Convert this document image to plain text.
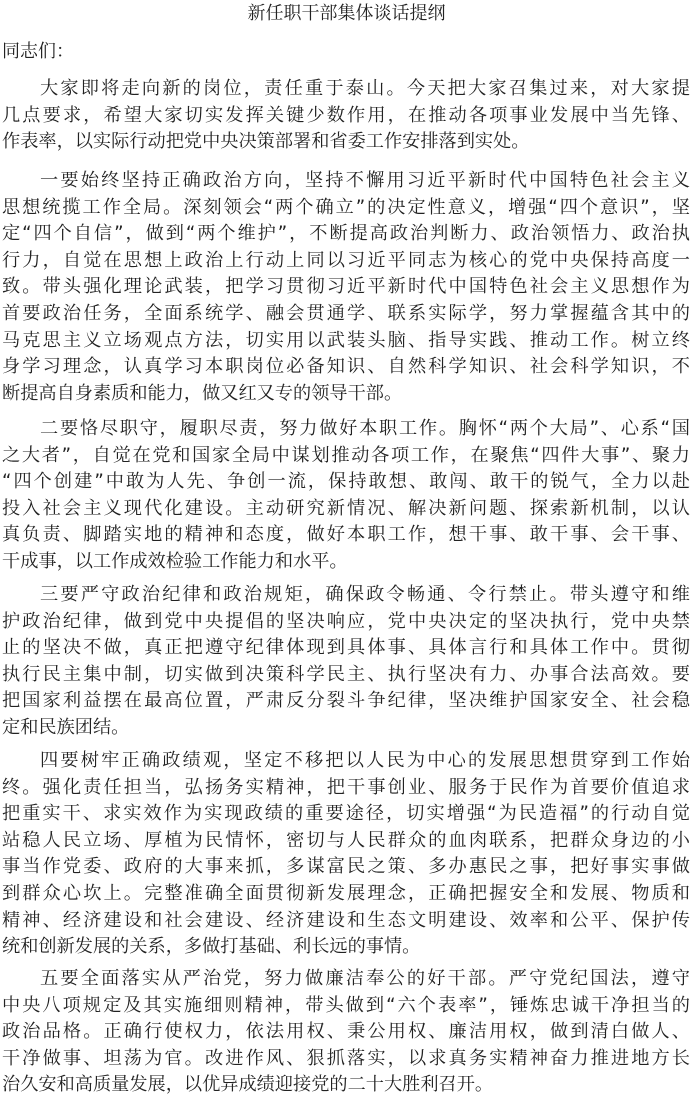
新任职干部集体谈话提纲
同志们：
大家即将走向新的岗位，责任重于泰山。今天把大家召集过来，对大家提
几点要求，希望大家切实发挥关键少数作用，在推动各项事业发展中当先锋、
作表率，以实际行动把党中央决策部署和省委工作安排落到实处。
一要始终坚持正确政治方向，坚持不懈用习近平新时代中国特色社会主义
思想统揽工作全局。深刻领会“两个确立”的决定性意义，增强“四个意识”，坚
定“四个自信”，做到“两个维护”，不断提高政治判断力、政治领悟力、政治执
行力，自觉在思想上政治上行动上同以习近平同志为核心的党中央保持高度一
致。带头强化理论武装，把学习贯彻习近平新时代中国特色社会主义思想作为
首要政治任务，全面系统学、融会贯通学、联系实际学，努力掌握蕴含其中的
马克思主义立场观点方法，切实用以武装头脑、指导实践、推动工作。树立终
身学习理念，认真学习本职岗位必备知识、自然科学知识、社会科学知识，不
断提高自身素质和能力，做又红又专的领导干部。
二要恪尽职守，履职尽责，努力做好本职工作。胸怀“两个大局”、心系“国
之大者”，自觉在党和国家全局中谋划推动各项工作，在聚焦“四件大事”、聚力
“四个创建”中敢为人先、争创一流，保持敢想、敢闯、敢干的锐气，全力以赴
投入社会主义现代化建设。主动研究新情况、解决新问题、探索新机制，以认
真负责、脚踏实地的精神和态度，做好本职工作，想干事、敢干事、会干事、
干成事，以工作成效检验工作能力和水平。
三要严守政治纪律和政治规矩，确保政令畅通、令行禁止。带头遵守和维
护政治纪律，做到党中央提倡的坚决响应，党中央决定的坚决执行，党中央禁
止的坚决不做，真正把遵守纪律体现到具体事、具体言行和具体工作中。贯彻
执行民主集中制，切实做到决策科学民主、执行坚决有力、办事合法高效。要
把国家利益摆在最高位置，严肃反分裂斗争纪律，坚决维护国家安全、社会稳
定和民族团结。
四要树牢正确政绩观，坚定不移把以人民为中心的发展思想贯穿到工作始
终。强化责任担当，弘扬务实精神，把干事创业、服务于民作为首要价值追求
把重实干、求实效作为实现政绩的重要途径，切实增强“为民造福”的行动自觉
站稳人民立场、厚植为民情怀，密切与人民群众的血肉联系，把群众身边的小
事当作党委、政府的大事来抓，多谋富民之策、多办惠民之事，把好事实事做
到群众心坎上。完整准确全面贯彻新发展理念，正确把握安全和发展、物质和
精神、经济建设和社会建设、经济建设和生态文明建设、效率和公平、保护传
统和创新发展的关系，多做打基础、利长远的事情。
五要全面落实从严治党，努力做廉洁奉公的好干部。严守党纪国法，遵守
中央八项规定及其实施细则精神，带头做到“六个表率”，锤炼忠诚干净担当的
政治品格。正确行使权力，依法用权、秉公用权、廉洁用权，做到清白做人、
干净做事、坦荡为官。改进作风、狠抓落实，以求真务实精神奋力推进地方长
治久安和高质量发展，以优异成绩迎接党的二十大胜利召开。
